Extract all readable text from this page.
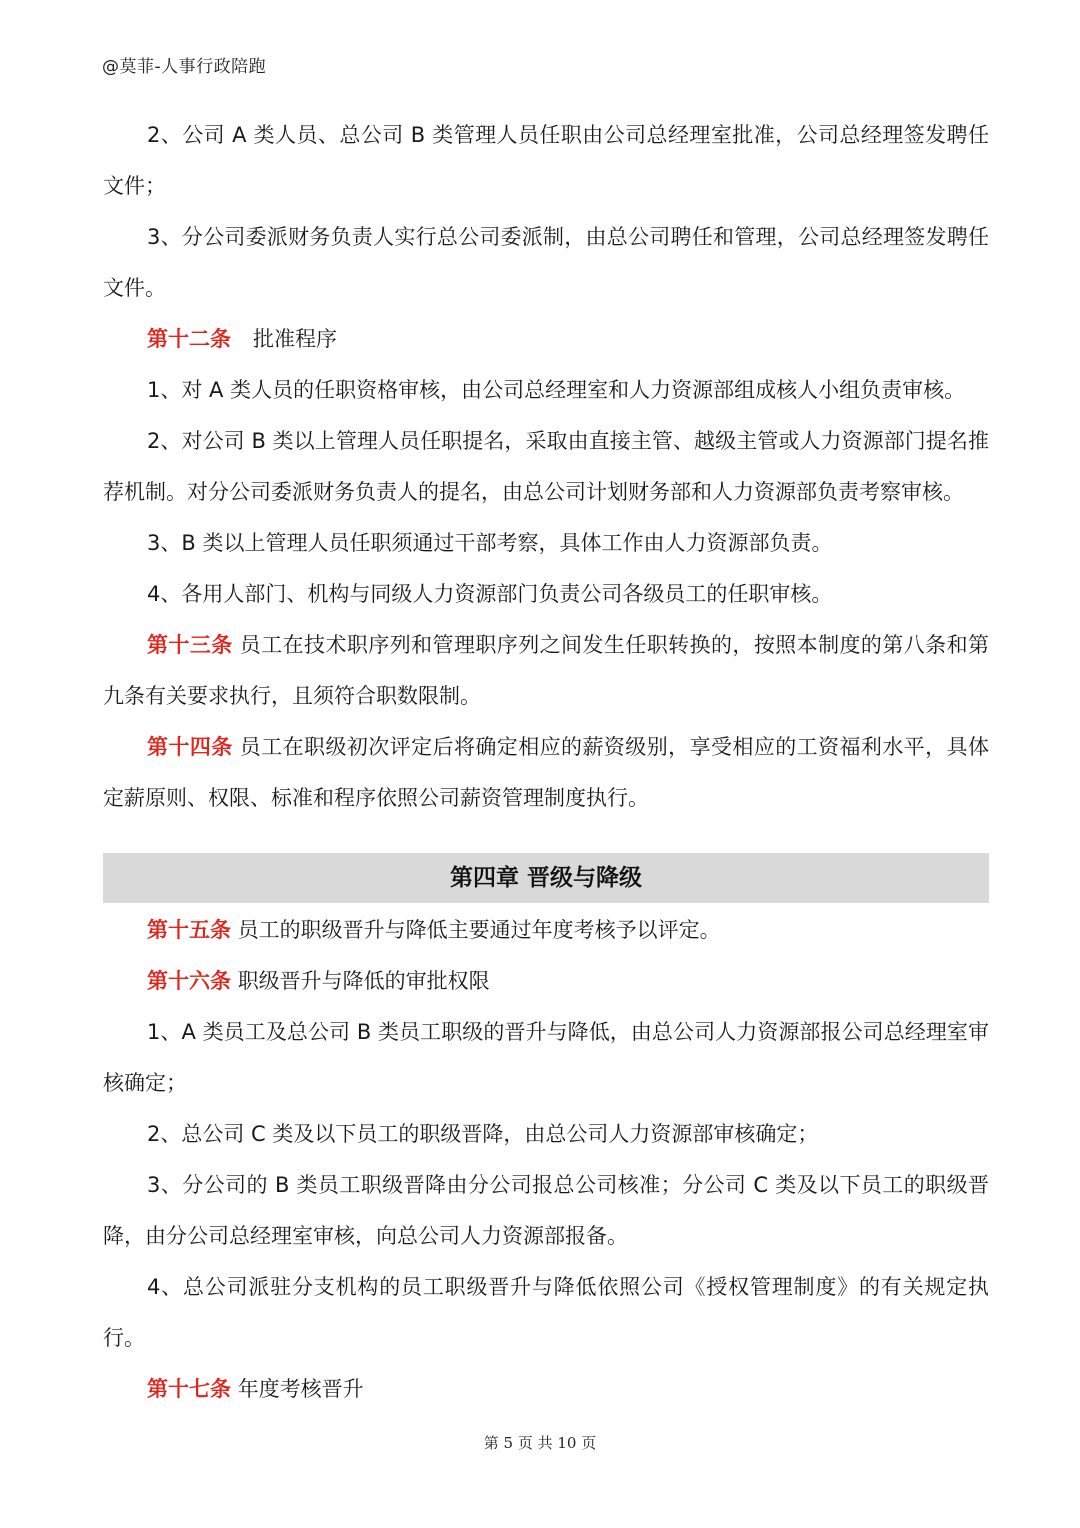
@莫菲-人事行政陪跑

2、公司 A 类人员、总公司 B 类管理人员任职由公司总经理室批准，公司总经理签发聘任文件；

3、分公司委派财务负责人实行总公司委派制，由总公司聘任和管理，公司总经理签发聘任文件。

第十二条 批准程序

1、对 A 类人员的任职资格审核，由公司总经理室和人力资源部组成核人小组负责审核。

2、对公司 B 类以上管理人员任职提名，采取由直接主管、越级主管或人力资源部门提名推荐机制。对分公司委派财务负责人的提名，由总公司计划财务部和人力资源部负责考察审核。

3、B 类以上管理人员任职须通过干部考察，具体工作由人力资源部负责。

4、各用人部门、机构与同级人力资源部门负责公司各级员工的任职审核。

第十三条 员工在技术职序列和管理职序列之间发生任职转换的，按照本制度的第八条和第九条有关要求执行，且须符合职数限制。

第十四条 员工在职级初次评定后将确定相应的薪资级别，享受相应的工资福利水平，具体定薪原则、权限、标准和程序依照公司薪资管理制度执行。

第四章 晋级与降级

第十五条 员工的职级晋升与降低主要通过年度考核予以评定。

第十六条 职级晋升与降低的审批权限

1、A 类员工及总公司 B 类员工职级的晋升与降低，由总公司人力资源部报公司总经理室审核确定；

2、总公司 C 类及以下员工的职级晋降，由总公司人力资源部审核确定；

3、分公司的 B 类员工职级晋降由分公司报总公司核准；分公司 C 类及以下员工的职级晋降，由分公司总经理室审核，向总公司人力资源部报备。

4、总公司派驻分支机构的员工职级晋升与降低依照公司《授权管理制度》的有关规定执行。

第十七条 年度考核晋升

第 5 页 共 10 页
